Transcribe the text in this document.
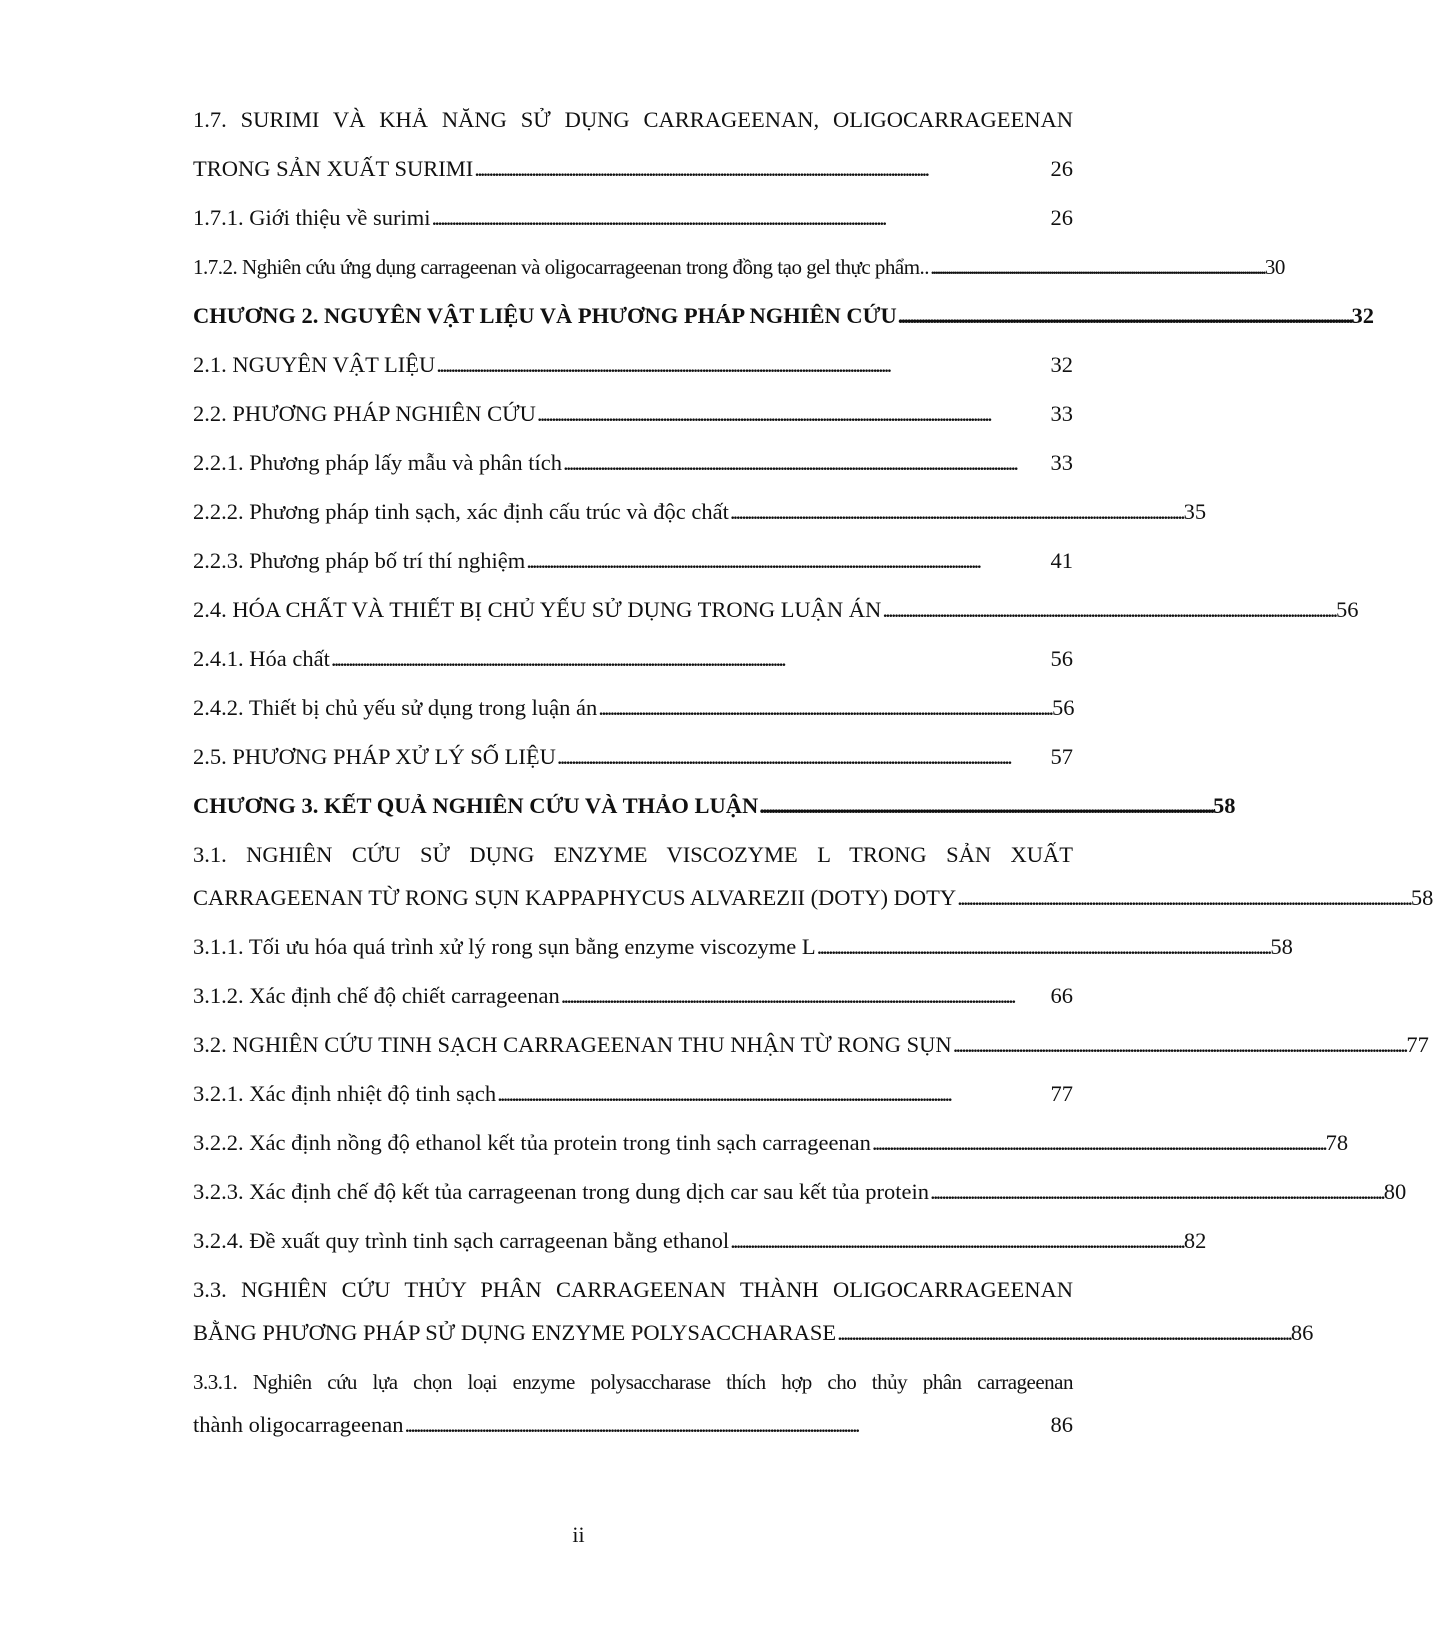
1.7. SURIMI VÀ KHẢ NĂNG SỬ DỤNG CARRAGEENAN, OLIGOCARRAGEENAN
TRONG SẢN XUẤT SURIMI . . .	26
1.7.1. Giới thiệu về surimi . . .	26
1.7.2. Nghiên cứu ứng dụng carrageenan và oligocarrageenan trong đồng tạo gel thực phẩm.. . . .	30
CHƯƠNG 2. NGUYÊN VẬT LIỆU VÀ PHƯƠNG PHÁP NGHIÊN CỨU . . .	32
2.1. NGUYÊN VẬT LIỆU . . .	32
2.2. PHƯƠNG PHÁP NGHIÊN CỨU . . .	33
2.2.1. Phương pháp lấy mẫu và phân tích . . .	33
2.2.2. Phương pháp tinh sạch, xác định cấu trúc và độc chất . . .	35
2.2.3. Phương pháp bố trí thí nghiệm . . .	41
2.4. HÓA CHẤT VÀ THIẾT BỊ CHỦ YẾU SỬ DỤNG TRONG LUẬN ÁN . . .	56
2.4.1. Hóa chất . . .	56
2.4.2. Thiết bị chủ yếu sử dụng trong luận án . . .	56
2.5. PHƯƠNG PHÁP XỬ LÝ SỐ LIỆU . . .	57
CHƯƠNG 3. KẾT QUẢ NGHIÊN CỨU VÀ THẢO LUẬN . . .	58
3.1. NGHIÊN CỨU SỬ DỤNG ENZYME VISCOZYME L TRONG SẢN XUẤT
CARRAGEENAN TỪ RONG SỤN KAPPAPHYCUS ALVAREZII (DOTY) DOTY . . .	58
3.1.1. Tối ưu hóa quá trình xử lý rong sụn bằng enzyme viscozyme L . . .	58
3.1.2. Xác định chế độ chiết carrageenan . . .	66
3.2. NGHIÊN CỨU TINH SẠCH CARRAGEENAN THU NHẬN TỪ RONG SỤN . . .	77
3.2.1. Xác định nhiệt độ tinh sạch . . .	77
3.2.2. Xác định nồng độ ethanol kết tủa protein trong tinh sạch carrageenan . . .	78
3.2.3. Xác định chế độ kết tủa carrageenan trong dung dịch car sau kết tủa protein . . .	80
3.2.4. Đề xuất quy trình tinh sạch carrageenan bằng ethanol . . .	82
3.3. NGHIÊN CỨU THỦY PHÂN CARRAGEENAN THÀNH OLIGOCARRAGEENAN
BẰNG PHƯƠNG PHÁP SỬ DỤNG ENZYME POLYSACCHARASE . . .	86
3.3.1. Nghiên cứu lựa chọn loại enzyme polysaccharase thích hợp cho thủy phân carrageenan
thành oligocarrageenan . . .	86
ii
